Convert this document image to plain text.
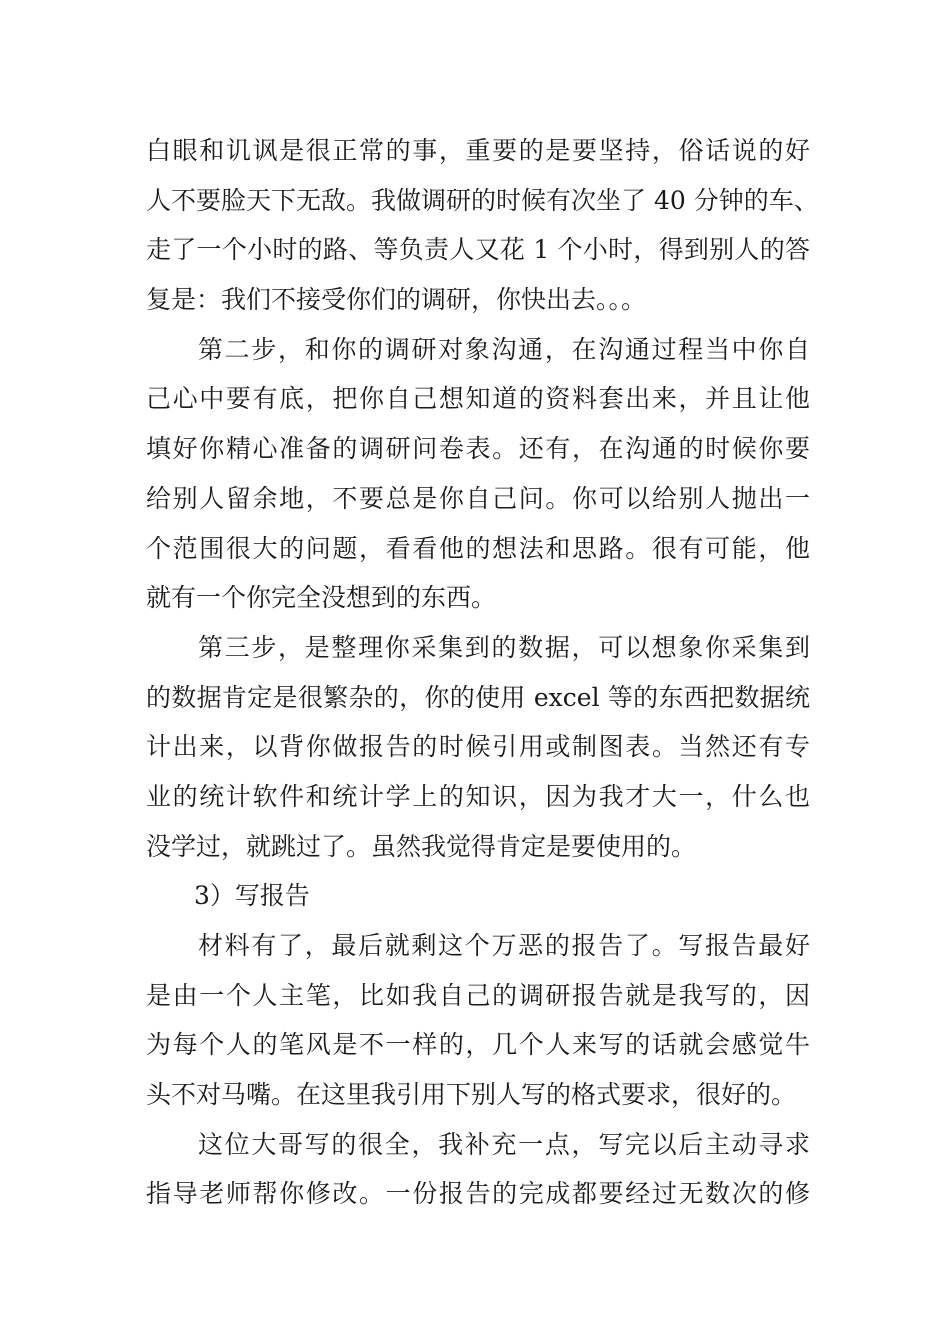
白眼和讥讽是很正常的事，重要的是要坚持，俗话说的好
人不要脸天下无敌。我做调研的时候有次坐了 40 分钟的车、
走了一个小时的路、等负责人又花 1 个小时，得到别人的答
复是：我们不接受你们的调研，你快出去。。。
第二步，和你的调研对象沟通，在沟通过程当中你自
己心中要有底，把你自己想知道的资料套出来，并且让他
填好你精心准备的调研问卷表。还有，在沟通的时候你要
给别人留余地，不要总是你自己问。你可以给别人抛出一
个范围很大的问题，看看他的想法和思路。很有可能，他
就有一个你完全没想到的东西。
第三步，是整理你采集到的数据，可以想象你采集到
的数据肯定是很繁杂的，你的使用 excel 等的东西把数据统
计出来，以背你做报告的时候引用或制图表。当然还有专
业的统计软件和统计学上的知识，因为我才大一，什么也
没学过，就跳过了。虽然我觉得肯定是要使用的。
3）写报告
材料有了，最后就剩这个万恶的报告了。写报告最好
是由一个人主笔，比如我自己的调研报告就是我写的，因
为每个人的笔风是不一样的，几个人来写的话就会感觉牛
头不对马嘴。在这里我引用下别人写的格式要求，很好的。
这位大哥写的很全，我补充一点，写完以后主动寻求
指导老师帮你修改。一份报告的完成都要经过无数次的修
